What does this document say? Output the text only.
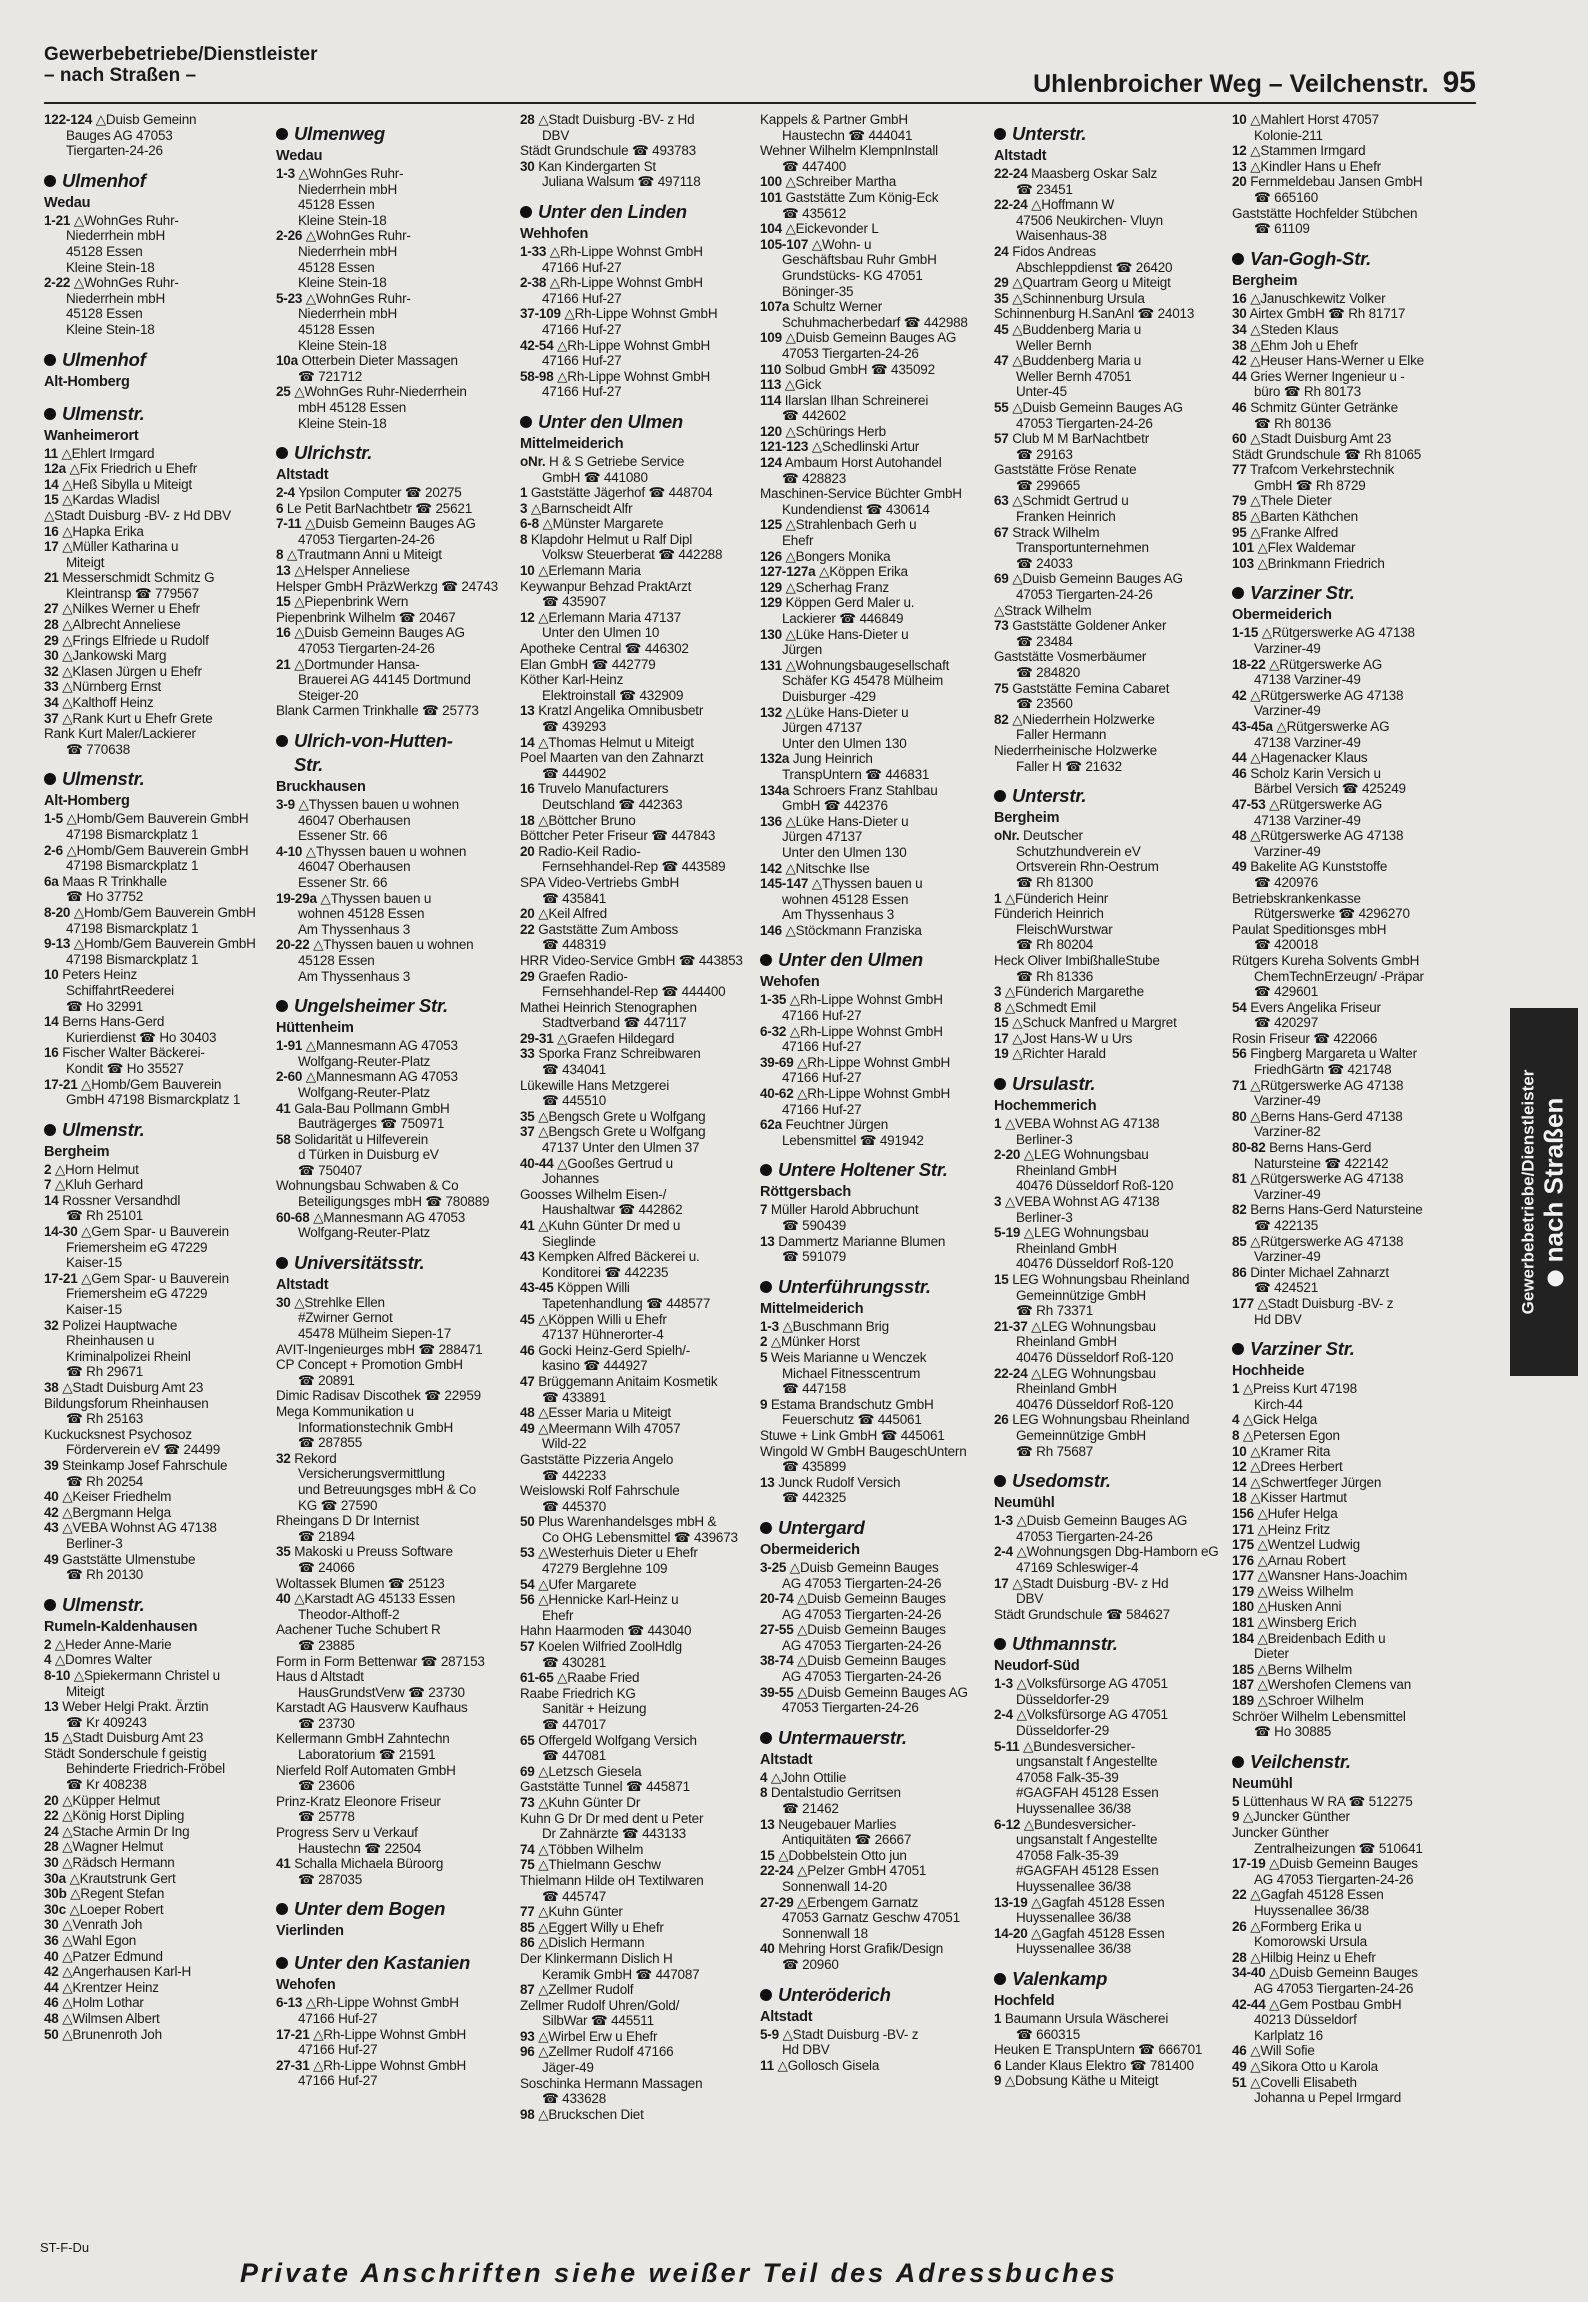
Gewerbebetriebe/Dienstleister
– nach Straßen –	Uhlenbroicher Weg – Veilchenstr. 95
122-124 △Duisb Gemeinn
Bauges AG 47053
Tiergarten-24-26
Ulmenhof
Wedau
1-21 △WohnGes Ruhr-
Niederrhein mbH
45128 Essen
Kleine Stein-18
2-22 △WohnGes Ruhr-
Niederrhein mbH
45128 Essen
Kleine Stein-18
Ulmenhof
Alt-Homberg
Ulmenstr.
Wanheimerort
11 △Ehlert Irmgard
12a △Fix Friedrich u Ehefr
14 △Heß Sibylla u Miteigt
15 △Kardas Wladisl
△Stadt Duisburg -BV- z Hd DBV
16 △Hapka Erika
17 △Müller Katharina u
Miteigt
21 Messerschmidt Schmitz G
Kleintransp ☎ 779567
27 △Nilkes Werner u Ehefr
28 △Albrecht Anneliese
29 △Frings Elfriede u Rudolf
30 △Jankowski Marg
32 △Klasen Jürgen u Ehefr
33 △Nürnberg Ernst
34 △Kalthoff Heinz
37 △Rank Kurt u Ehefr Grete
Rank Kurt Maler/Lackierer
☎ 770638
Ulmenstr.
Alt-Homberg
1-5 △Homb/Gem Bauverein GmbH
47198 Bismarckplatz 1
2-6 △Homb/Gem Bauverein GmbH
47198 Bismarckplatz 1
6a Maas R Trinkhalle
☎ Ho 37752
8-20 △Homb/Gem Bauverein GmbH
47198 Bismarckplatz 1
9-13 △Homb/Gem Bauverein GmbH
47198 Bismarckplatz 1
10 Peters Heinz
SchiffahrtReederei
☎ Ho 32991
14 Berns Hans-Gerd
Kurierdienst ☎ Ho 30403
16 Fischer Walter Bäckerei-
Kondit ☎ Ho 35527
17-21 △Homb/Gem Bauverein
GmbH 47198 Bismarckplatz 1
Ulmenstr.
Bergheim
2 △Horn Helmut
7 △Kluh Gerhard
14 Rossner Versandhdl
☎ Rh 25101
14-30 △Gem Spar- u Bauverein
Friemersheim eG 47229
Kaiser-15
17-21 △Gem Spar- u Bauverein
Friemersheim eG 47229
Kaiser-15
32 Polizei Hauptwache
Rheinhausen u
Kriminalpolizei Rheinl
☎ Rh 29671
38 △Stadt Duisburg Amt 23
Bildungsforum Rheinhausen
☎ Rh 25163
Kuckucksnest Psychosoz
Förderverein eV ☎ 24499
39 Steinkamp Josef Fahrschule
☎ Rh 20254
40 △Keiser Friedhelm
42 △Bergmann Helga
43 △VEBA Wohnst AG 47138
Berliner-3
49 Gaststätte Ulmenstube
☎ Rh 20130
Ulmenstr.
Rumeln-Kaldenhausen
2 △Heder Anne-Marie
4 △Domres Walter
8-10 △Spiekermann Christel u
Miteigt
13 Weber Helgi Prakt. Ärztin
☎ Kr 409243
15 △Stadt Duisburg Amt 23
Städt Sonderschule f geistig
Behinderte Friedrich-Fröbel
☎ Kr 408238
20 △Küpper Helmut
22 △König Horst Dipling
24 △Stache Armin Dr Ing
28 △Wagner Helmut
30 △Rädsch Hermann
30a △Krautstrunk Gert
30b △Regent Stefan
30c △Loeper Robert
30 △Venrath Joh
36 △Wahl Egon
40 △Patzer Edmund
42 △Angerhausen Karl-H
44 △Krentzer Heinz
46 △Holm Lothar
48 △Wilmsen Albert
50 △Brunenroth Joh
Ulmenweg
Wedau
1-3 △WohnGes Ruhr-
Niederrhein mbH
45128 Essen
Kleine Stein-18
2-26 △WohnGes Ruhr-
Niederrhein mbH
45128 Essen
Kleine Stein-18
5-23 △WohnGes Ruhr-
Niederrhein mbH
45128 Essen
Kleine Stein-18
10a Otterbein Dieter Massagen
☎ 721712
25 △WohnGes Ruhr-Niederrhein
mbH 45128 Essen
Kleine Stein-18
Ulrichstr.
Altstadt
2-4 Ypsilon Computer ☎ 20275
6 Le Petit BarNachtbetr ☎ 25621
7-11 △Duisb Gemeinn Bauges AG
47053 Tiergarten-24-26
8 △Trautmann Anni u Miteigt
13 △Helsper Anneliese
Helsper GmbH PrāzWerkzg ☎ 24743
15 △Piepenbrink Wern
Piepenbrink Wilhelm ☎ 20467
16 △Duisb Gemeinn Bauges AG
47053 Tiergarten-24-26
21 △Dortmunder Hansa-
Brauerei AG 44145 Dortmund
Steiger-20
Blank Carmen Trinkhalle ☎ 25773
Ulrich-von-Hutten-
Str.
Bruckhausen
3-9 △Thyssen bauen u wohnen
46047 Oberhausen
Essener Str. 66
4-10 △Thyssen bauen u wohnen
46047 Oberhausen
Essener Str. 66
19-29a △Thyssen bauen u
wohnen 45128 Essen
Am Thyssenhaus 3
20-22 △Thyssen bauen u wohnen
45128 Essen
Am Thyssenhaus 3
Ungelsheimer Str.
Hüttenheim
1-91 △Mannesmann AG 47053
Wolfgang-Reuter-Platz
2-60 △Mannesmann AG 47053
Wolfgang-Reuter-Platz
41 Gala-Bau Pollmann GmbH
Bauträgerges ☎ 750971
58 Solidarität u Hilfeverein
d Türken in Duisburg eV
☎ 750407
Wohnungsbau Schwaben & Co
Beteiligungsges mbH ☎ 780889
60-68 △Mannesmann AG 47053
Wolfgang-Reuter-Platz
Universitätsstr.
Altstadt
30 △Strehlke Ellen
#Zwirner Gernot
45478 Mülheim Siepen-17
AVIT-Ingenieurges mbH ☎ 288471
CP Concept + Promotion GmbH
☎ 20891
Dimic Radisav Discothek ☎ 22959
Mega Kommunikation u
Informationstechnik GmbH
☎ 287855
32 Rekord
Versicherungsvermittlung
und Betreuungsges mbH & Co
KG ☎ 27590
Rheingans D Dr Internist
☎ 21894
35 Makoski u Preuss Software
☎ 24066
Woltassek Blumen ☎ 25123
40 △Karstadt AG 45133 Essen
Theodor-Althoff-2
Aachener Tuche Schubert R
☎ 23885
Form in Form Bettenwar ☎ 287153
Haus d Altstadt
HausGrundstVerw ☎ 23730
Karstadt AG Hausverw Kaufhaus
☎ 23730
Kellermann GmbH Zahntechn
Laboratorium ☎ 21591
Nierfeld Rolf Automaten GmbH
☎ 23606
Prinz-Kratz Eleonore Friseur
☎ 25778
Progress Serv u Verkauf
Haustechn ☎ 22504
41 Schalla Michaela Büroorg
☎ 287035
Unter dem Bogen
Vierlinden
Unter den Kastanien
Wehofen
6-13 △Rh-Lippe Wohnst GmbH
47166 Huf-27
17-21 △Rh-Lippe Wohnst GmbH
47166 Huf-27
27-31 △Rh-Lippe Wohnst GmbH
47166 Huf-27
28 △Stadt Duisburg -BV- z Hd
DBV
Städt Grundschule ☎ 493783
30 Kan Kindergarten St
Juliana Walsum ☎ 497118
Unter den Linden
Wehhofen
1-33 △Rh-Lippe Wohnst GmbH
47166 Huf-27
2-38 △Rh-Lippe Wohnst GmbH
47166 Huf-27
37-109 △Rh-Lippe Wohnst GmbH
47166 Huf-27
42-54 △Rh-Lippe Wohnst GmbH
47166 Huf-27
58-98 △Rh-Lippe Wohnst GmbH
47166 Huf-27
Unter den Ulmen
Mittelmeiderich
oNr. H & S Getriebe Service
GmbH ☎ 441080
1 Gaststätte Jägerhof ☎ 448704
3 △Barnscheidt Alfr
6-8 △Münster Margarete
8 Klapdohr Helmut u Ralf Dipl
Volksw Steuerberat ☎ 442288
10 △Erlemann Maria
Keywanpur Behzad PraktArzt
☎ 435907
12 △Erlemann Maria 47137
Unter den Ulmen 10
Apotheke Central ☎ 446302
Elan GmbH ☎ 442779
Köther Karl-Heinz
Elektroinstall ☎ 432909
13 Kratzl Angelika Omnibusbetr
☎ 439293
14 △Thomas Helmut u Miteigt
Poel Maarten van den Zahnarzt
☎ 444902
16 Truvelo Manufacturers
Deutschland ☎ 442363
18 △Böttcher Bruno
Böttcher Peter Friseur ☎ 447843
20 Radio-Keil Radio-
Fernsehhandel-Rep ☎ 443589
SPA Video-Vertriebs GmbH
☎ 435841
20 △Keil Alfred
22 Gaststätte Zum Amboss
☎ 448319
HRR Video-Service GmbH ☎ 443853
29 Graefen Radio-
Fernsehhandel-Rep ☎ 444400
Mathei Heinrich Stenographen
Stadtverband ☎ 447117
29-31 △Graefen Hildegard
33 Sporka Franz Schreibwaren
☎ 434041
Lükewille Hans Metzgerei
☎ 445510
35 △Bengsch Grete u Wolfgang
37 △Bengsch Grete u Wolfgang
47137 Unter den Ulmen 37
40-44 △Gooßes Gertrud u
Johannes
Goosses Wilhelm Eisen-/
Haushaltwar ☎ 442862
41 △Kuhn Günter Dr med u
Sieglinde
43 Kempken Alfred Bäckerei u.
Konditorei ☎ 442235
43-45 Köppen Willi
Tapetenhandlung ☎ 448577
45 △Köppen Willi u Ehefr
47137 Hühnerorter-4
46 Gocki Heinz-Gerd Spielh/-
kasino ☎ 444927
47 Brüggemann Anitaim Kosmetik
☎ 433891
48 △Esser Maria u Miteigt
49 △Meermann Wilh 47057
Wild-22
Gaststätte Pizzeria Angelo
☎ 442233
Weislowski Rolf Fahrschule
☎ 445370
50 Plus Warenhandelsges mbH &
Co OHG Lebensmittel ☎ 439673
53 △Westerhuis Dieter u Ehefr
47279 Berglehne 109
54 △Ufer Margarete
56 △Hennicke Karl-Heinz u
Ehefr
Hahn Haarmoden ☎ 443040
57 Koelen Wilfried ZoolHdlg
☎ 430281
61-65 △Raabe Fried
Raabe Friedrich KG
Sanitär + Heizung
☎ 447017
65 Offergeld Wolfgang Versich
☎ 447081
69 △Letzsch Giesela
Gaststätte Tunnel ☎ 445871
73 △Kuhn Günter Dr
Kuhn G Dr Dr med dent u Peter
Dr Zahnärzte ☎ 443133
74 △Többen Wilhelm
75 △Thielmann Geschw
Thielmann Hilde oH Textilwaren
☎ 445747
77 △Kuhn Günter
85 △Eggert Willy u Ehefr
86 △Dislich Hermann
Der Klinkermann Dislich H
Keramik GmbH ☎ 447087
87 △Zellmer Rudolf
Zellmer Rudolf Uhren/Gold/
SilbWar ☎ 445511
93 △Wirbel Erw u Ehefr
96 △Zellmer Rudolf 47166
Jäger-49
Soschinka Hermann Massagen
☎ 433628
98 △Bruckschen Diet
Kappels & Partner GmbH
Haustechn ☎ 444041
Wehner Wilhelm KlempnInstall
☎ 447400
100 △Schreiber Martha
101 Gaststätte Zum König-Eck
☎ 435612
104 △Eickevonder L
105-107 △Wohn- u
Geschäftsbau Ruhr GmbH
Grundstücks- KG 47051
Böninger-35
107a Schultz Werner
Schuhmacherbedarf ☎ 442988
109 △Duisb Gemeinn Bauges AG
47053 Tiergarten-24-26
110 Solbud GmbH ☎ 435092
113 △Gick
114 Ilarslan Ilhan Schreinerei
☎ 442602
120 △Schürings Herb
121-123 △Schedlinski Artur
124 Ambaum Horst Autohandel
☎ 428823
Maschinen-Service Büchter GmbH
Kundendienst ☎ 430614
125 △Strahlenbach Gerh u
Ehefr
126 △Bongers Monika
127-127a △Köppen Erika
129 △Scherhag Franz
129 Köppen Gerd Maler u.
Lackierer ☎ 446849
130 △Lüke Hans-Dieter u
Jürgen
131 △Wohnungsbaugesellschaft
Schäfer KG 45478 Mülheim
Duisburger -429
132 △Lüke Hans-Dieter u
Jürgen 47137
Unter den Ulmen 130
132a Jung Heinrich
TranspUntern ☎ 446831
134a Schroers Franz Stahlbau
GmbH ☎ 442376
136 △Lüke Hans-Dieter u
Jürgen 47137
Unter den Ulmen 130
142 △Nitschke Ilse
145-147 △Thyssen bauen u
wohnen 45128 Essen
Am Thyssenhaus 3
146 △Stöckmann Franziska
Unter den Ulmen
Wehofen
1-35 △Rh-Lippe Wohnst GmbH
47166 Huf-27
6-32 △Rh-Lippe Wohnst GmbH
47166 Huf-27
39-69 △Rh-Lippe Wohnst GmbH
47166 Huf-27
40-62 △Rh-Lippe Wohnst GmbH
47166 Huf-27
62a Feuchtner Jürgen
Lebensmittel ☎ 491942
Untere Holtener Str.
Röttgersbach
7 Müller Harold Abbruchunt
☎ 590439
13 Dammertz Marianne Blumen
☎ 591079
Unterführungsstr.
Mittelmeiderich
1-3 △Buschmann Brig
2 △Münker Horst
5 Weis Marianne u Wenczek
Michael Fitnesscentrum
☎ 447158
9 Estama Brandschutz GmbH
Feuerschutz ☎ 445061
Stuwe + Link GmbH ☎ 445061
Wingold W GmbH BaugeschUntern
☎ 435899
13 Junck Rudolf Versich
☎ 442325
Untergard
Obermeiderich
3-25 △Duisb Gemeinn Bauges
AG 47053 Tiergarten-24-26
20-74 △Duisb Gemeinn Bauges
AG 47053 Tiergarten-24-26
27-55 △Duisb Gemeinn Bauges
AG 47053 Tiergarten-24-26
38-74 △Duisb Gemeinn Bauges
AG 47053 Tiergarten-24-26
39-55 △Duisb Gemeinn Bauges AG
47053 Tiergarten-24-26
Untermauerstr.
Altstadt
4 △John Ottilie
8 Dentalstudio Gerritsen
☎ 21462
13 Neugebauer Marlies
Antiquitäten ☎ 26667
15 △Dobbelstein Otto jun
22-24 △Pelzer GmbH 47051
Sonnenwall 14-20
27-29 △Erbengem Garnatz
47053 Garnatz Geschw 47051
Sonnenwall 18
40 Mehring Horst Grafik/Design
☎ 20960
Unteröderich
Altstadt
5-9 △Stadt Duisburg -BV- z
Hd DBV
11 △Gollosch Gisela
Unterstr.
Altstadt
22-24 Maasberg Oskar Salz
☎ 23451
22-24 △Hoffmann W
47506 Neukirchen- Vluyn
Waisenhaus-38
24 Fidos Andreas
Abschleppdienst ☎ 26420
29 △Quartram Georg u Miteigt
35 △Schinnenburg Ursula
Schinnenburg H.SanAnl ☎ 24013
45 △Buddenberg Maria u
Weller Bernh
47 △Buddenberg Maria u
Weller Bernh 47051
Unter-45
55 △Duisb Gemeinn Bauges AG
47053 Tiergarten-24-26
57 Club M M BarNachtbetr
☎ 29163
Gaststätte Fröse Renate
☎ 299665
63 △Schmidt Gertrud u
Franken Heinrich
67 Strack Wilhelm
Transportunternehmen
☎ 24033
69 △Duisb Gemeinn Bauges AG
47053 Tiergarten-24-26
△Strack Wilhelm
73 Gaststätte Goldener Anker
☎ 23484
Gaststätte Vosmerbäumer
☎ 284820
75 Gaststätte Femina Cabaret
☎ 23560
82 △Niederrhein Holzwerke
Faller Hermann
Niederrheinische Holzwerke
Faller H ☎ 21632
Unterstr.
Bergheim
oNr. Deutscher
Schutzhundverein eV
Ortsverein Rhn-Oestrum
☎ Rh 81300
1 △Fünderich Heinr
Fünderich Heinrich
FleischWurstwar
☎ Rh 80204
Heck Oliver ImbißhalleStube
☎ Rh 81336
3 △Fünderich Margarethe
8 △Schmedt Emil
15 △Schuck Manfred u Margret
17 △Jost Hans-W u Urs
19 △Richter Harald
Ursulastr.
Hochemmerich
1 △VEBA Wohnst AG 47138
Berliner-3
2-20 △LEG Wohnungsbau
Rheinland GmbH
40476 Düsseldorf Roß-120
3 △VEBA Wohnst AG 47138
Berliner-3
5-19 △LEG Wohnungsbau
Rheinland GmbH
40476 Düsseldorf Roß-120
15 LEG Wohnungsbau Rheinland
Gemeinnützige GmbH
☎ Rh 73371
21-37 △LEG Wohnungsbau
Rheinland GmbH
40476 Düsseldorf Roß-120
22-24 △LEG Wohnungsbau
Rheinland GmbH
40476 Düsseldorf Roß-120
26 LEG Wohnungsbau Rheinland
Gemeinnützige GmbH
☎ Rh 75687
Usedomstr.
Neumühl
1-3 △Duisb Gemeinn Bauges AG
47053 Tiergarten-24-26
2-4 △Wohnungsgen Dbg-Hamborn eG
47169 Schleswiger-4
17 △Stadt Duisburg -BV- z Hd
DBV
Städt Grundschule ☎ 584627
Uthmannstr.
Neudorf-Süd
1-3 △Volksfürsorge AG 47051
Düsseldorfer-29
2-4 △Volksfürsorge AG 47051
Düsseldorfer-29
5-11 △Bundesversicher-
ungsanstalt f Angestellte
47058 Falk-35-39
#GAGFAH 45128 Essen
Huyssenallee 36/38
6-12 △Bundesversicher-
ungsanstalt f Angestellte
47058 Falk-35-39
#GAGFAH 45128 Essen
Huyssenallee 36/38
13-19 △Gagfah 45128 Essen
Huyssenallee 36/38
14-20 △Gagfah 45128 Essen
Huyssenallee 36/38
Valenkamp
Hochfeld
1 Baumann Ursula Wäscherei
☎ 660315
Heuken E TranspUntern ☎ 666701
6 Lander Klaus Elektro ☎ 781400
9 △Dobsung Käthe u Miteigt
10 △Mahlert Horst 47057
Kolonie-211
12 △Stammen Irmgard
13 △Kindler Hans u Ehefr
20 Fernmeldebau Jansen GmbH
☎ 665160
Gaststätte Hochfelder Stübchen
☎ 61109
Van-Gogh-Str.
Bergheim
16 △Januschkewitz Volker
30 Airtex GmbH ☎ Rh 81717
34 △Steden Klaus
38 △Ehm Joh u Ehefr
42 △Heuser Hans-Werner u Elke
44 Gries Werner Ingenieur u -
büro ☎ Rh 80173
46 Schmitz Günter Getränke
☎ Rh 80136
60 △Stadt Duisburg Amt 23
Städt Grundschule ☎ Rh 81065
77 Trafcom Verkehrstechnik
GmbH ☎ Rh 8729
79 △Thele Dieter
85 △Barten Käthchen
95 △Franke Alfred
101 △Flex Waldemar
103 △Brinkmann Friedrich
Varziner Str.
Obermeiderich
1-15 △Rütgerswerke AG 47138
Varziner-49
18-22 △Rütgerswerke AG
47138 Varziner-49
42 △Rütgerswerke AG 47138
Varziner-49
43-45a △Rütgerswerke AG
47138 Varziner-49
44 △Hagenacker Klaus
46 Scholz Karin Versich u
Bärbel Versich ☎ 425249
47-53 △Rütgerswerke AG
47138 Varziner-49
48 △Rütgerswerke AG 47138
Varziner-49
49 Bakelite AG Kunststoffe
☎ 420976
Betriebskrankenkasse
Rütgerswerke ☎ 4296270
Paulat Speditionsges mbH
☎ 420018
Rütgers Kureha Solvents GmbH
ChemTechnErzeugn/ -Präpar
☎ 429601
54 Evers Angelika Friseur
☎ 420297
Rosin Friseur ☎ 422066
56 Fingberg Margareta u Walter
FriedhGärtn ☎ 421748
71 △Rütgerswerke AG 47138
Varziner-49
80 △Berns Hans-Gerd 47138
Varziner-82
80-82 Berns Hans-Gerd
Natursteine ☎ 422142
81 △Rütgerswerke AG 47138
Varziner-49
82 Berns Hans-Gerd Natursteine
☎ 422135
85 △Rütgerswerke AG 47138
Varziner-49
86 Dinter Michael Zahnarzt
☎ 424521
177 △Stadt Duisburg -BV- z
Hd DBV
Varziner Str.
Hochheide
1 △Preiss Kurt 47198
Kirch-44
4 △Gick Helga
8 △Petersen Egon
10 △Kramer Rita
12 △Drees Herbert
14 △Schwertfeger Jürgen
18 △Kisser Hartmut
156 △Hufer Helga
171 △Heinz Fritz
175 △Wentzel Ludwig
176 △Arnau Robert
177 △Wansner Hans-Joachim
179 △Weiss Wilhelm
180 △Husken Anni
181 △Winsberg Erich
184 △Breidenbach Edith u
Dieter
185 △Berns Wilhelm
187 △Wershofen Clemens van
189 △Schroer Wilhelm
Schröer Wilhelm Lebensmittel
☎ Ho 30885
Veilchenstr.
Neumühl
5 Lüttenhaus W RA ☎ 512275
9 △Juncker Günther
Juncker Günther
Zentralheizungen ☎ 510641
17-19 △Duisb Gemeinn Bauges
AG 47053 Tiergarten-24-26
22 △Gagfah 45128 Essen
Huyssenallee 36/38
26 △Formberg Erika u
Komorowski Ursula
28 △Hilbig Heinz u Ehefr
34-40 △Duisb Gemeinn Bauges
AG 47053 Tiergarten-24-26
42-44 △Gem Postbau GmbH
40213 Düsseldorf
Karlplatz 16
46 △Will Sofie
49 △Sikora Otto u Karola
51 △Covelli Elisabeth
Johanna u Pepel Irmgard
Gewerbebetriebe/Dienstleister nach Straßen
ST-F-Du
Private Anschriften siehe weißer Teil des Adressbuches
